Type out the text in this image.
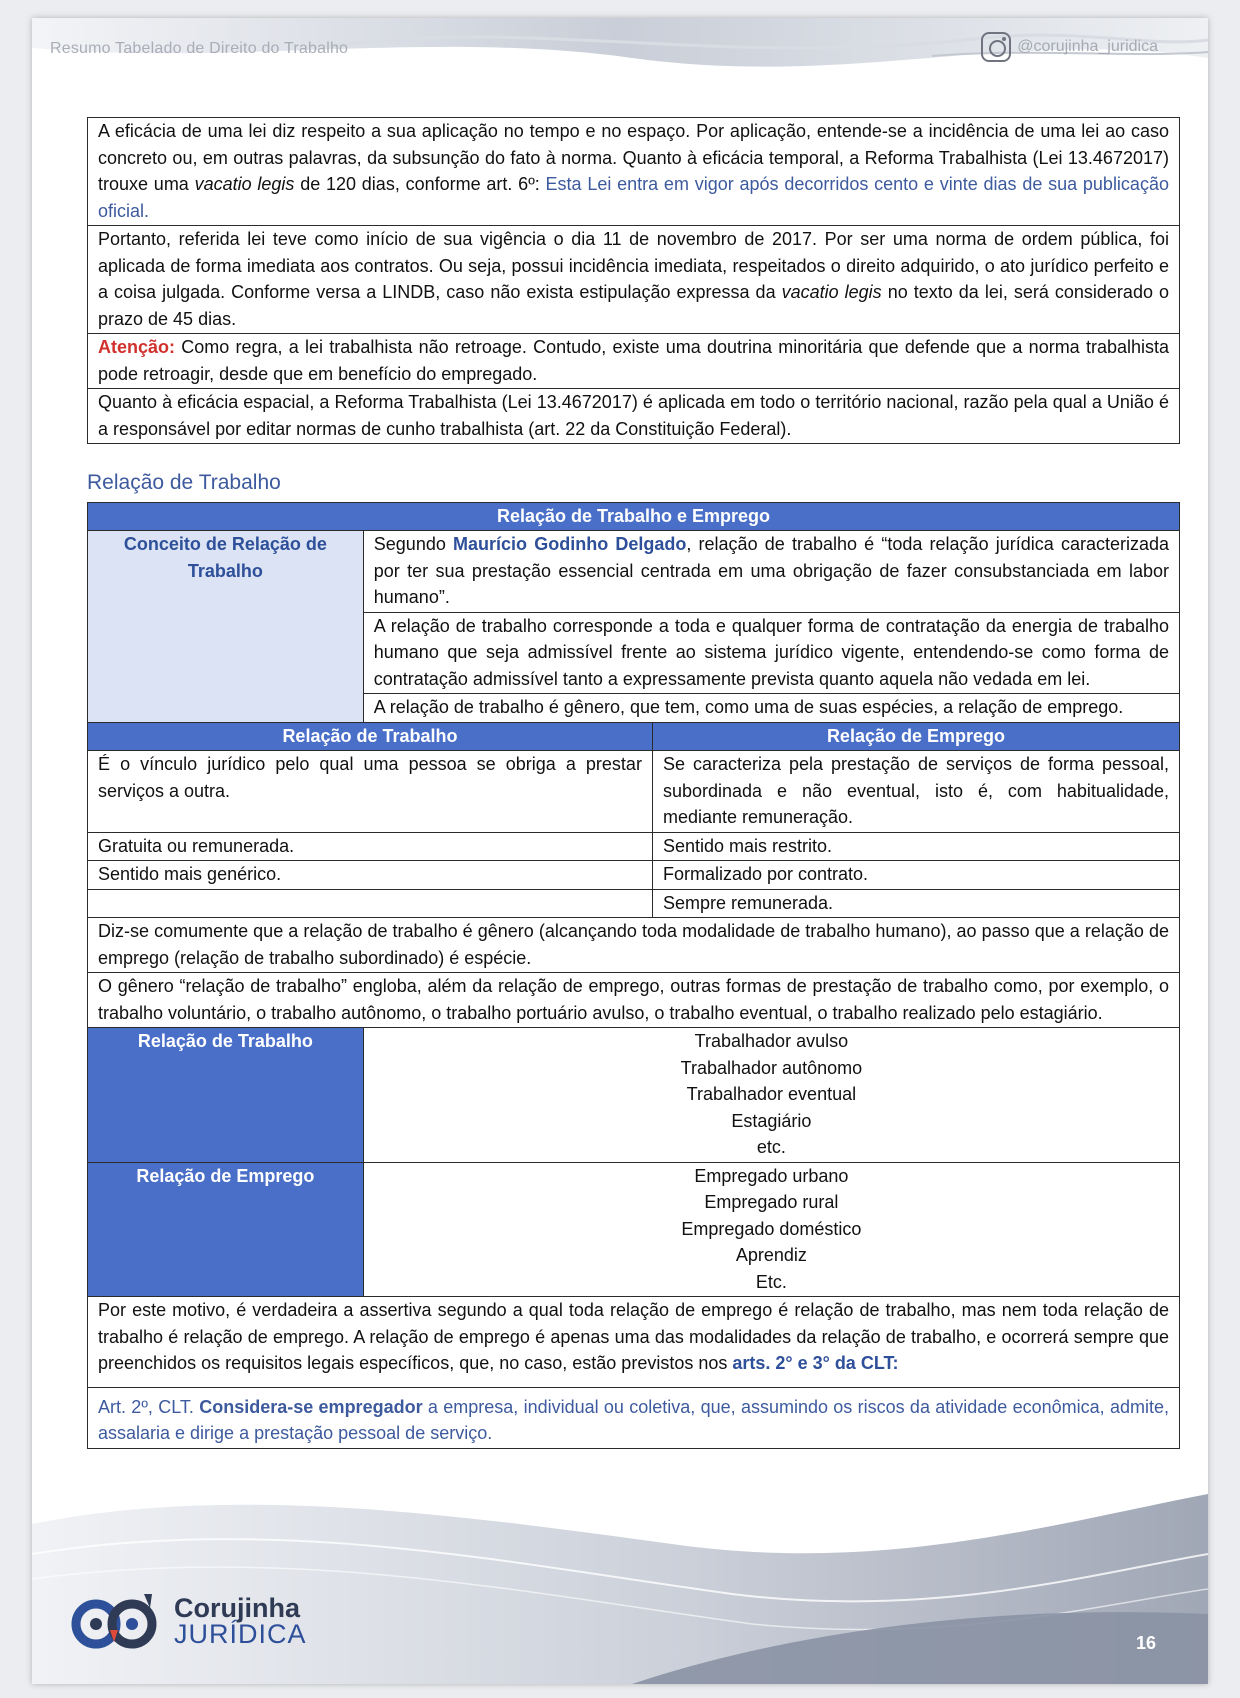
Resumo Tabelado de Direito do Trabalho	@corujinha_juridica
A eficácia de uma lei diz respeito a sua aplicação no tempo e no espaço. Por aplicação, entende-se a incidência de uma lei ao caso concreto ou, em outras palavras, da subsunção do fato à norma. Quanto à eficácia temporal, a Reforma Trabalhista (Lei 13.4672017) trouxe uma vacatio legis de 120 dias, conforme art. 6º: Esta Lei entra em vigor após decorridos cento e vinte dias de sua publicação oficial.
Portanto, referida lei teve como início de sua vigência o dia 11 de novembro de 2017. Por ser uma norma de ordem pública, foi aplicada de forma imediata aos contratos. Ou seja, possui incidência imediata, respeitados o direito adquirido, o ato jurídico perfeito e a coisa julgada. Conforme versa a LINDB, caso não exista estipulação expressa da vacatio legis no texto da lei, será considerado o prazo de 45 dias.
Atenção: Como regra, a lei trabalhista não retroage. Contudo, existe uma doutrina minoritária que defende que a norma trabalhista pode retroagir, desde que em benefício do empregado.
Quanto à eficácia espacial, a Reforma Trabalhista (Lei 13.4672017) é aplicada em todo o território nacional, razão pela qual a União é a responsável por editar normas de cunho trabalhista (art. 22 da Constituição Federal).
Relação de Trabalho
Relação de Trabalho e Emprego		
Conceito de Relação de Trabalho	Segundo Maurício Godinho Delgado, relação de trabalho é “toda relação jurídica caracterizada por ter sua prestação essencial centrada em uma obrigação de fazer consubstanciada em labor humano”.	
	A relação de trabalho corresponde a toda e qualquer forma de contratação da energia de trabalho humano que seja admissível frente ao sistema jurídico vigente, entendendo-se como forma de contratação admissível tanto a expressamente prevista quanto aquela não vedada em lei.	
	A relação de trabalho é gênero, que tem, como uma de suas espécies, a relação de emprego.	
Relação de Trabalho		Relação de Emprego
É o vínculo jurídico pelo qual uma pessoa se obriga a prestar serviços a outra.		Se caracteriza pela prestação de serviços de forma pessoal, subordinada e não eventual, isto é, com habitualidade, mediante remuneração.
Gratuita ou remunerada.		Sentido mais restrito.
Sentido mais genérico.		Formalizado por contrato.
		Sempre remunerada.
Diz-se comumente que a relação de trabalho é gênero (alcançando toda modalidade de trabalho humano), ao passo que a relação de emprego (relação de trabalho subordinado) é espécie.		
O gênero “relação de trabalho” engloba, além da relação de emprego, outras formas de prestação de trabalho como, por exemplo, o trabalho voluntário, o trabalho autônomo, o trabalho portuário avulso, o trabalho eventual, o trabalho realizado pelo estagiário.		
Relação de Trabalho	Trabalhador avulso
Trabalhador autônomo
Trabalhador eventual
Estagiário
etc.	

Relação de Emprego	Empregado urbano
Empregado rural
Empregado doméstico
Aprendiz
Etc.	

Por este motivo, é verdadeira a assertiva segundo a qual toda relação de emprego é relação de trabalho, mas nem toda relação de trabalho é relação de emprego. A relação de emprego é apenas uma das modalidades da relação de trabalho, e ocorrerá sempre que preenchidos os requisitos legais específicos, que, no caso, estão previstos nos arts. 2° e 3° da CLT:		
Art. 2º, CLT. Considera-se empregador a empresa, individual ou coletiva, que, assumindo os riscos da atividade econômica, admite, assalaria e dirige a prestação pessoal de serviço.		
Corujinha
JURÍDICA	16
